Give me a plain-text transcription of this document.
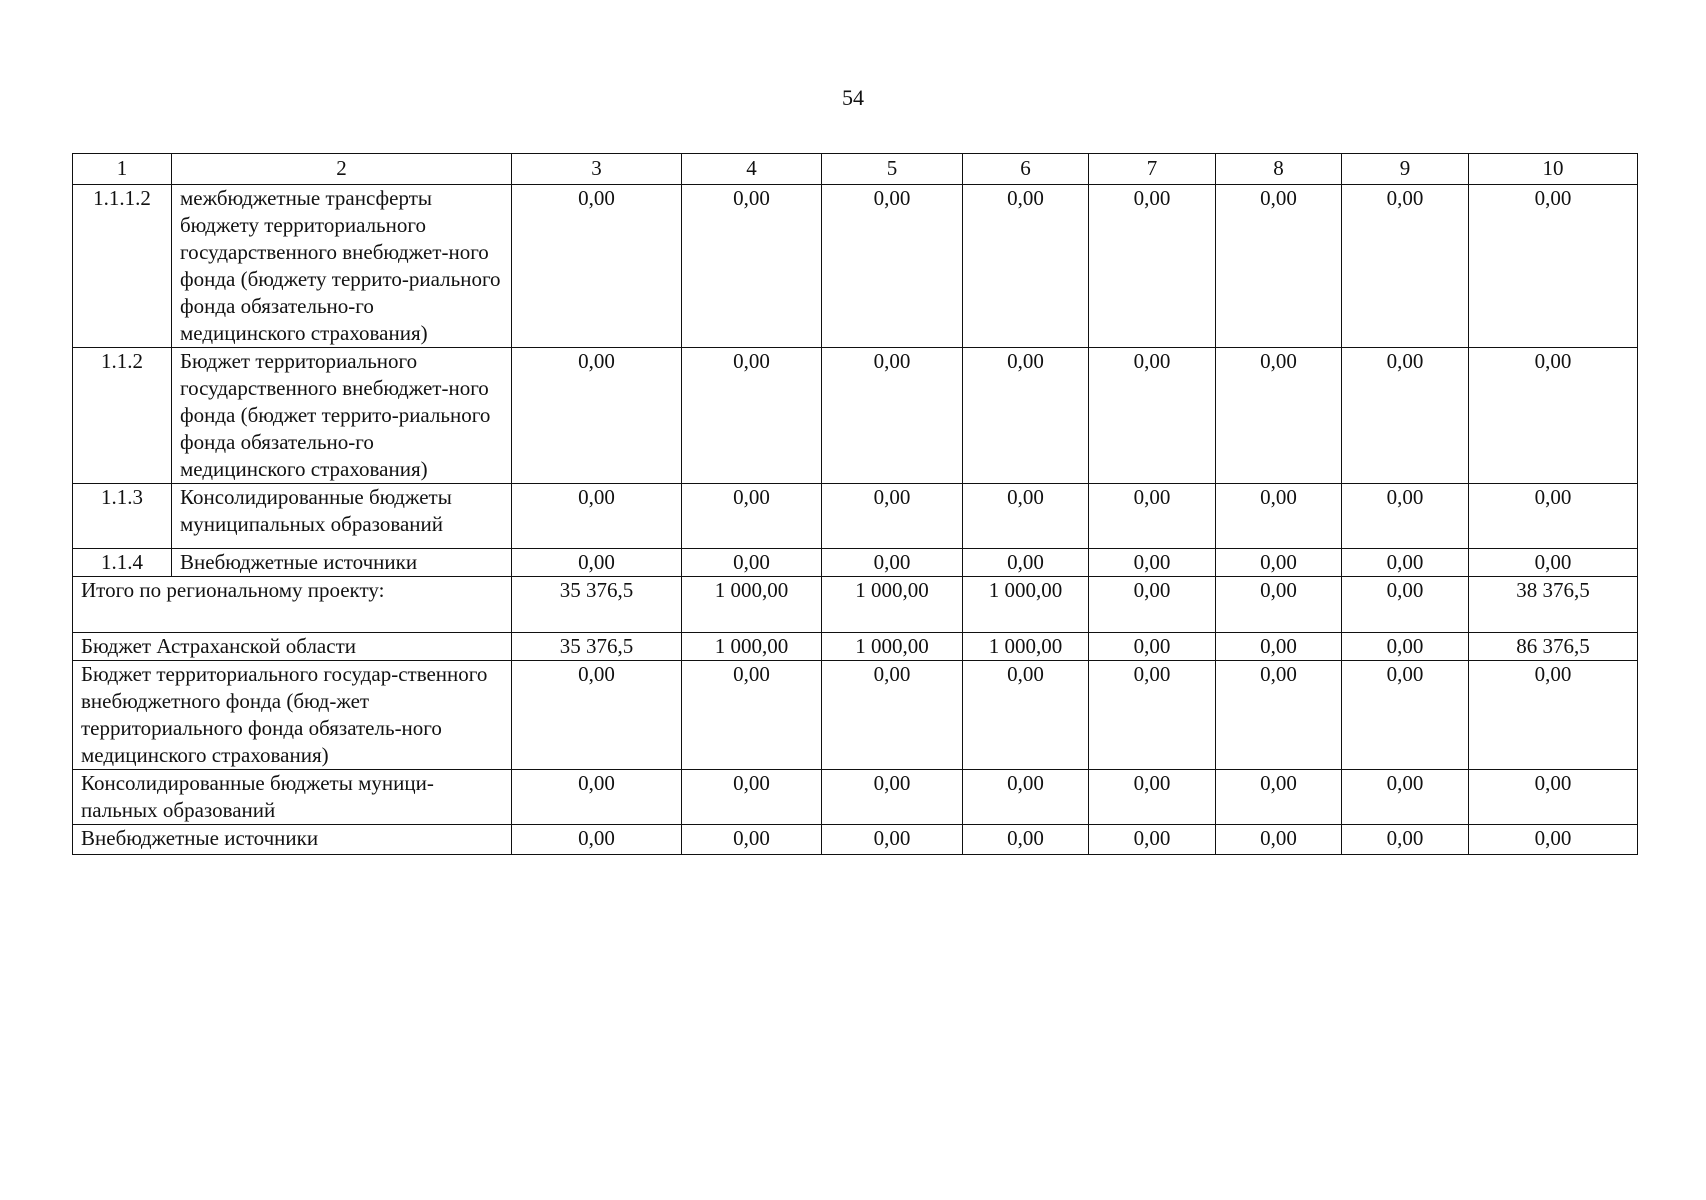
54
1	2	3	4	5	6	7	8	9	10
1.1.1.2	межбюджетные трансферты бюджету территориального государственного внебюджет-ного фонда (бюджету террито-риального фонда обязательно-го медицинского страхования)	0,00	0,00	0,00	0,00	0,00	0,00	0,00	0,00
1.1.2	Бюджет территориального государственного внебюджет-ного фонда (бюджет террито-риального фонда обязательно-го медицинского страхования)	0,00	0,00	0,00	0,00	0,00	0,00	0,00	0,00
1.1.3	Консолидированные бюджеты муниципальных образований	0,00	0,00	0,00	0,00	0,00	0,00	0,00	0,00
1.1.4	Внебюджетные источники	0,00	0,00	0,00	0,00	0,00	0,00	0,00	0,00
Итого по региональному проекту:		35 376,5	1 000,00	1 000,00	1 000,00	0,00	0,00	0,00	38 376,5
Бюджет Астраханской области		35 376,5	1 000,00	1 000,00	1 000,00	0,00	0,00	0,00	86 376,5
Бюджет территориального государ-ственного внебюджетного фонда (бюд-жет территориального фонда обязатель-ного медицинского страхования)		0,00	0,00	0,00	0,00	0,00	0,00	0,00	0,00
Консолидированные бюджеты муници-пальных образований		0,00	0,00	0,00	0,00	0,00	0,00	0,00	0,00
Внебюджетные источники		0,00	0,00	0,00	0,00	0,00	0,00	0,00	0,00
